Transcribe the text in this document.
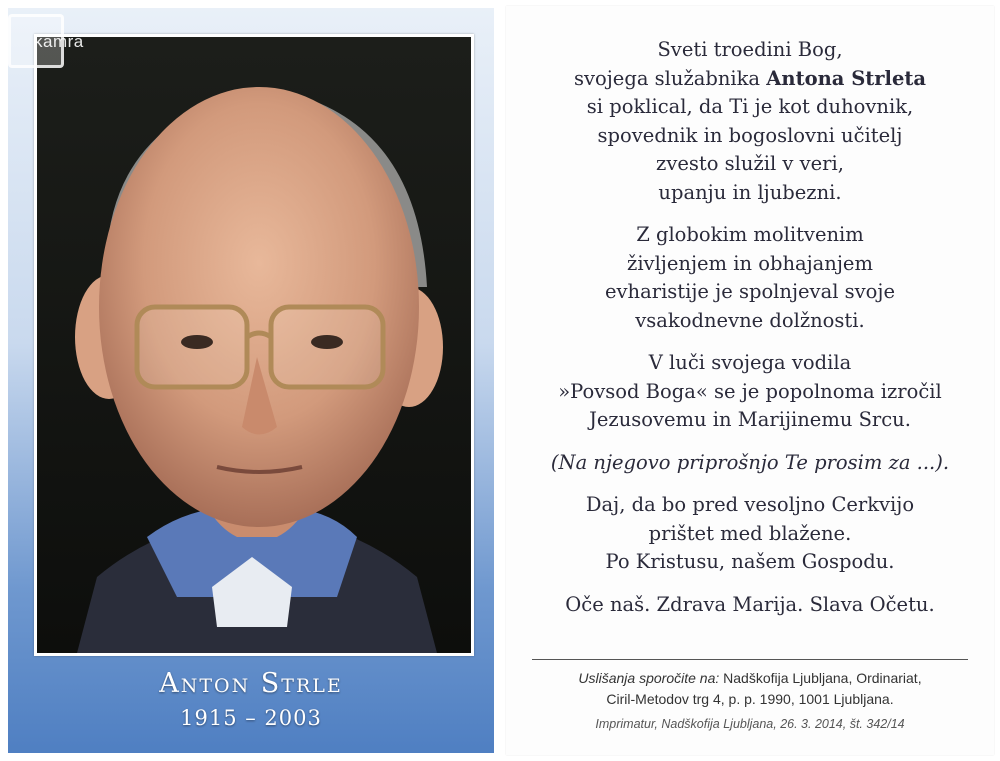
Anton Strle
1915 – 2003
kamra	Sveti troedini Bog,
svojega služabnika Antona Strleta
si poklical, da Ti je kot duhovnik,
spovednik in bogoslovni učitelj
zvesto služil v veri,
upanju in ljubezni.
Z globokim molitvenim
življenjem in obhajanjem
evharistije je spolnjeval svoje
vsakodnevne dolžnosti.
V luči svojega vodila
»Povsod Boga« se je popolnoma izročil
Jezusovemu in Marijinemu Srcu.
(Na njegovo priprošnjo Te prosim za ...).
Daj, da bo pred vesoljno Cerkvijo
prištet med blažene.
Po Kristusu, našem Gospodu.
Oče naš. Zdrava Marija. Slava Očetu.
Uslišanja sporočite na: Nadškofija Ljubljana, Ordinariat,
Ciril-Metodov trg 4, p. p. 1990, 1001 Ljubljana.
Imprimatur, Nadškofija Ljubljana, 26. 3. 2014, št. 342/14
